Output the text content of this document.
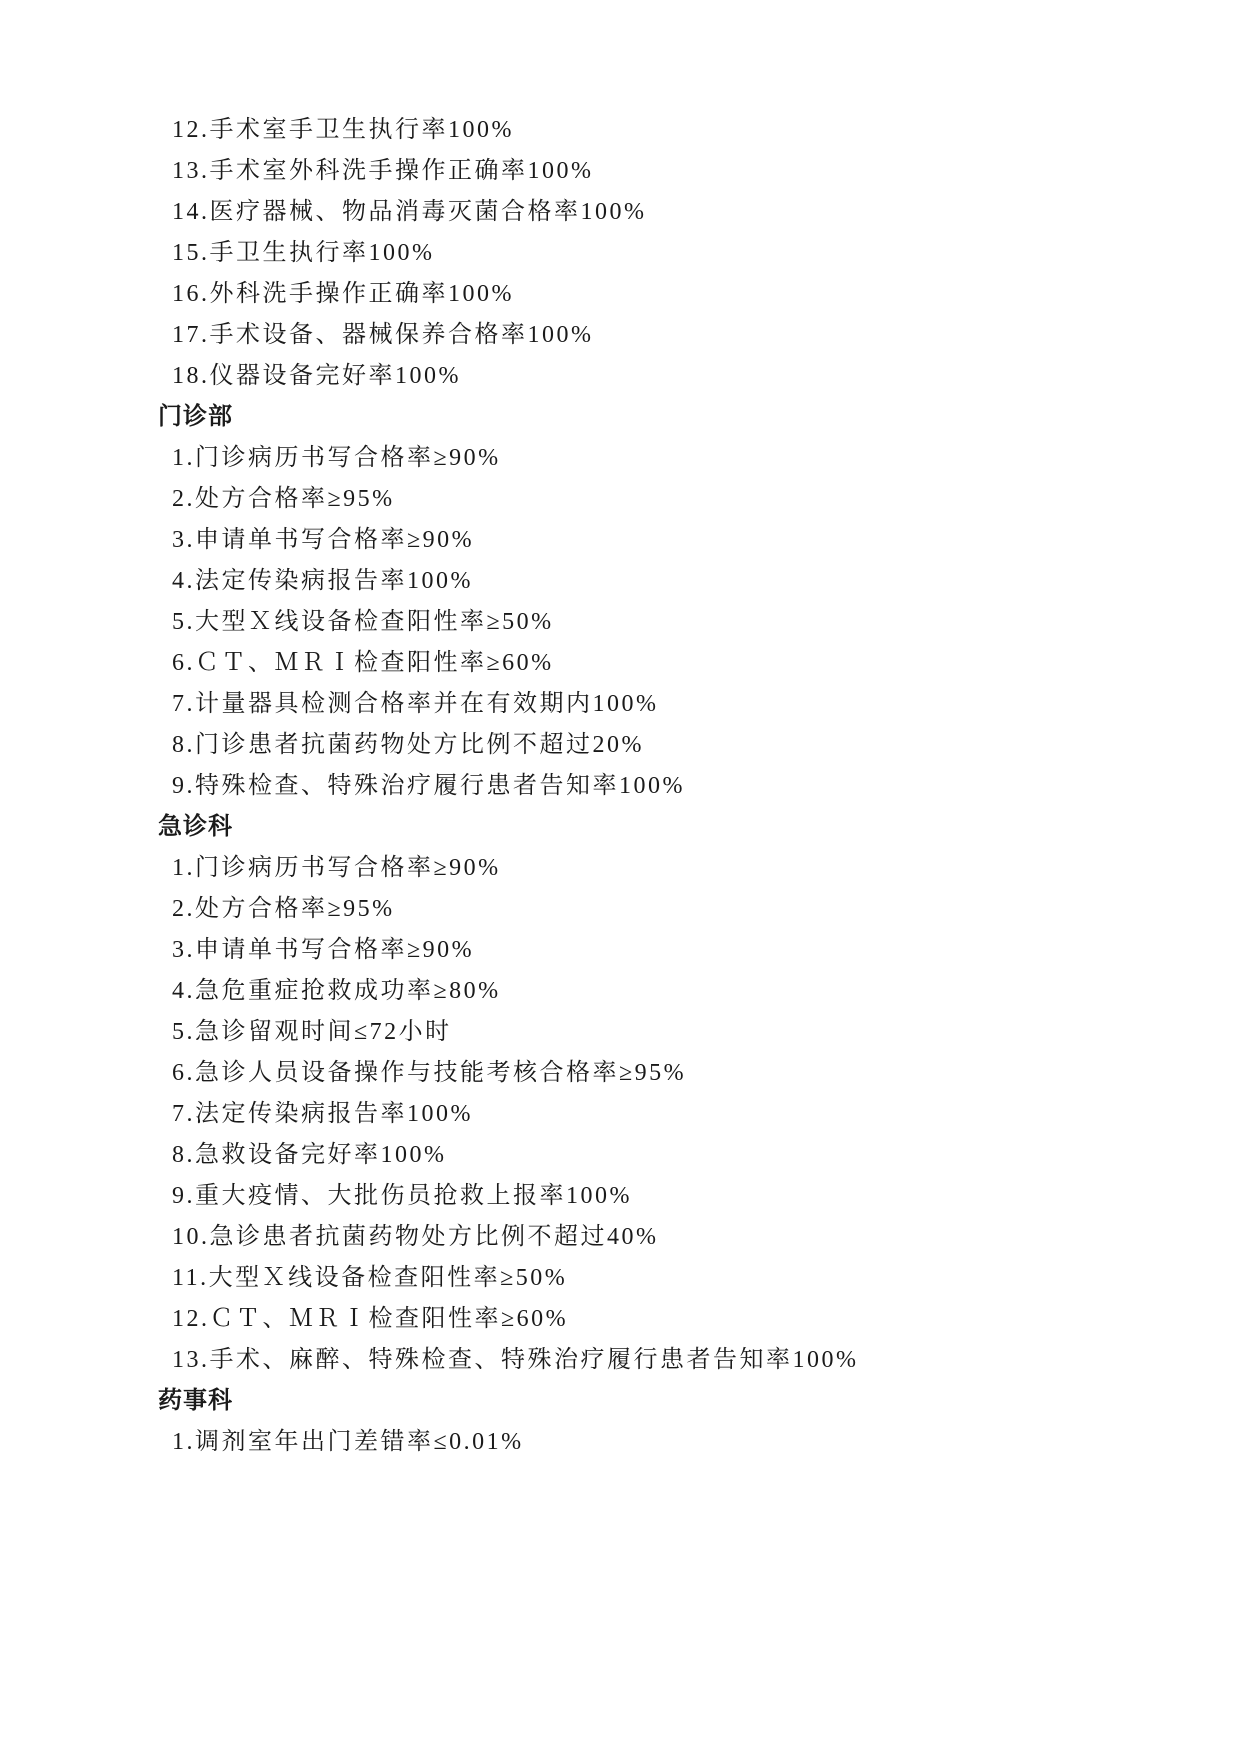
12.手术室手卫生执行率100%
13.手术室外科洗手操作正确率100%
14.医疗器械、物品消毒灭菌合格率100%
15.手卫生执行率100%
16.外科洗手操作正确率100%
17.手术设备、器械保养合格率100%
18.仪器设备完好率100%
门诊部
1.门诊病历书写合格率≥90%
2.处方合格率≥95%
3.申请单书写合格率≥90%
4.法定传染病报告率100%
5.大型Ｘ线设备检查阳性率≥50%
6.ＣＴ、ＭＲＩ检查阳性率≥60%
7.计量器具检测合格率并在有效期内100%
8.门诊患者抗菌药物处方比例不超过20%
9.特殊检查、特殊治疗履行患者告知率100%
急诊科
1.门诊病历书写合格率≥90%
2.处方合格率≥95%
3.申请单书写合格率≥90%
4.急危重症抢救成功率≥80%
5.急诊留观时间≤72小时
6.急诊人员设备操作与技能考核合格率≥95%
7.法定传染病报告率100%
8.急救设备完好率100%
9.重大疫情、大批伤员抢救上报率100%
10.急诊患者抗菌药物处方比例不超过40%
11.大型Ｘ线设备检查阳性率≥50%
12.ＣＴ、ＭＲＩ检查阳性率≥60%
13.手术、麻醉、特殊检查、特殊治疗履行患者告知率100%
药事科
1.调剂室年出门差错率≤0.01%
